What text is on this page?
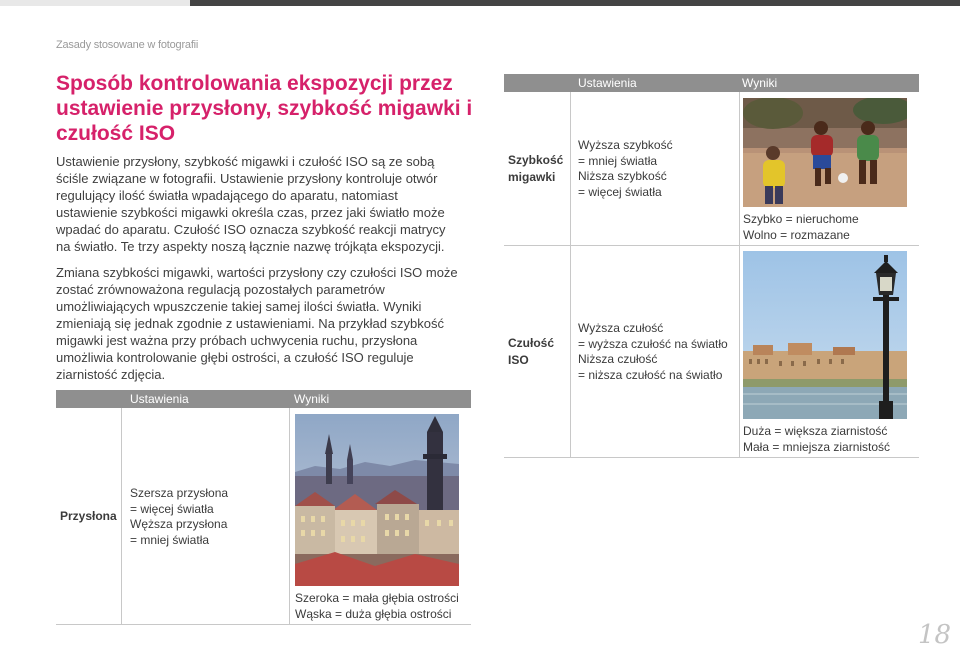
Zasady stosowane w fotografii
Sposób kontrolowania ekspozycji przez ustawienie przysłony, szybkość migawki i czułość ISO

Ustawienie przysłony, szybkość migawki i czułość ISO są ze sobą ściśle związane w fotografii. Ustawienie przysłony kontroluje otwór regulujący ilość światła wpadającego do aparatu, natomiast ustawienie szybkości migawki określa czas, przez jaki światło może wpadać do aparatu. Czułość ISO oznacza szybkość reakcji matrycy na światło. Te trzy aspekty noszą łącznie nazwę trójkąta ekspozycji.

Zmiana szybkości migawki, wartości przysłony czy czułości ISO może zostać zrównoważona regulacją pozostałych parametrów umożliwiających wpuszczenie takiej samej ilości światła. Wyniki zmieniają się jednak zgodnie z ustawieniami. Na przykład szybkość migawki jest ważna przy próbach uchwycenia ruchu, przysłona umożliwia kontrolowanie głębi ostrości, a czułość ISO reguluje ziarnistość zdjęcia.

Ustawienia	Wyniki
Przysłona
Szersza przysłona
= więcej światła
Węższa przysłona
= mniej światła
Szeroka = mała głębia ostrości
Wąska = duża głębia ostrości
Ustawienia	Wyniki
Szybkość
migawki
Wyższa szybkość
= mniej światła
Niższa szybkość
= więcej światła
Szybko = nieruchome
Wolno = rozmazane
Czułość
ISO
Wyższa czułość
= wyższa czułość na światło
Niższa czułość
= niższa czułość na światło
Duża = większa ziarnistość
Mała = mniejsza ziarnistość
18
